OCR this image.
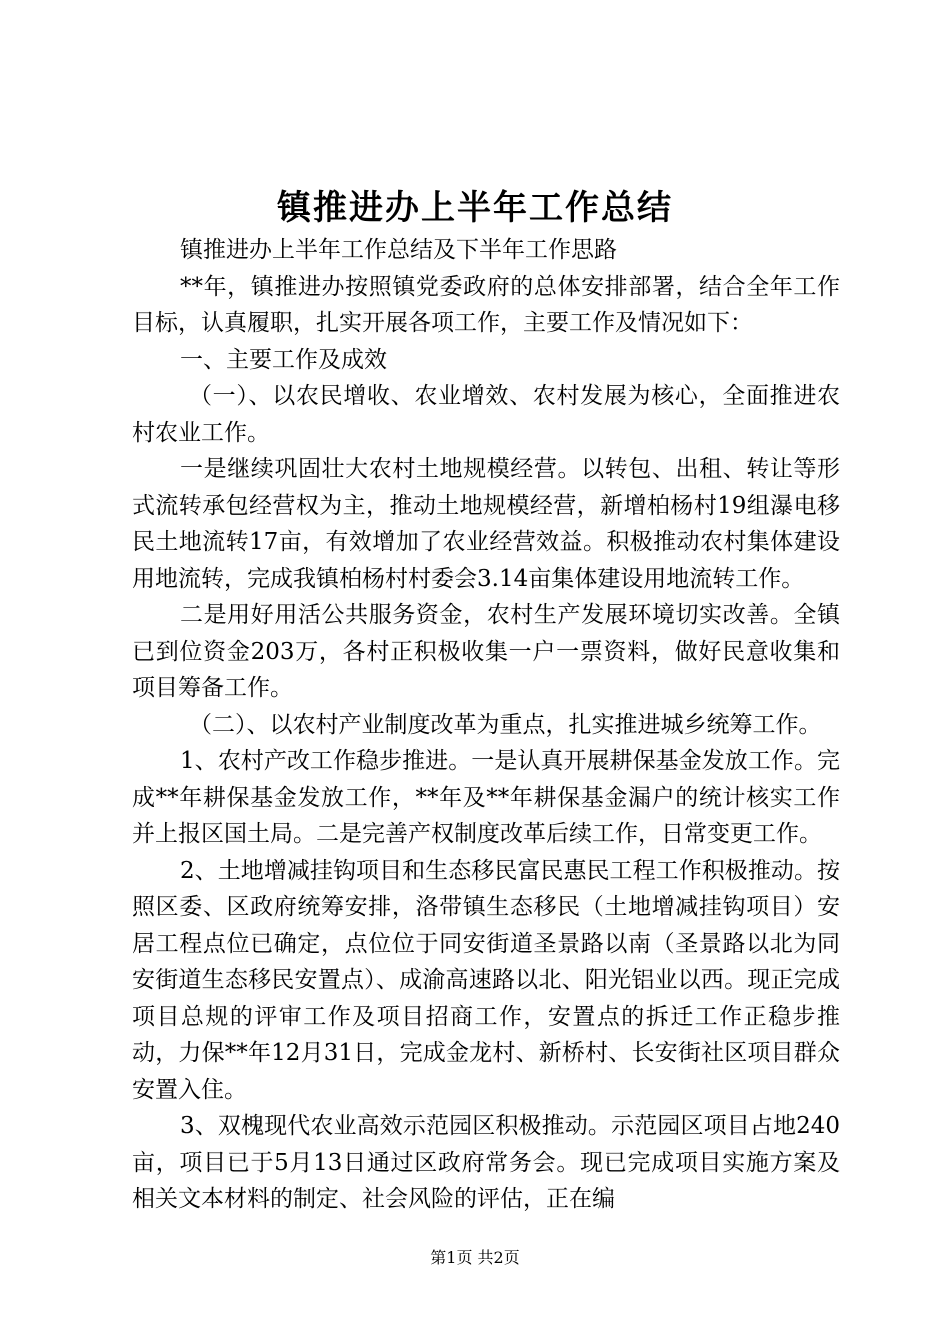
镇推进办上半年工作总结

镇推进办上半年工作总结及下半年工作思路

**年，镇推进办按照镇党委政府的总体安排部署，结合全年工作目标，认真履职，扎实开展各项工作，主要工作及情况如下：

一、主要工作及成效

（一）、以农民增收、农业增效、农村发展为核心，全面推进农村农业工作。

一是继续巩固壮大农村土地规模经营。以转包、出租、转让等形式流转承包经营权为主，推动土地规模经营，新增柏杨村19组瀑电移民土地流转17亩，有效增加了农业经营效益。积极推动农村集体建设用地流转，完成我镇柏杨村村委会3.14亩集体建设用地流转工作。

二是用好用活公共服务资金，农村生产发展环境切实改善。全镇已到位资金203万，各村正积极收集一户一票资料，做好民意收集和项目筹备工作。

（二）、以农村产业制度改革为重点，扎实推进城乡统筹工作。

1、农村产改工作稳步推进。一是认真开展耕保基金发放工作。完成**年耕保基金发放工作，**年及**年耕保基金漏户的统计核实工作并上报区国土局。二是完善产权制度改革后续工作，日常变更工作。

2、土地增减挂钩项目和生态移民富民惠民工程工作积极推动。按照区委、区政府统筹安排，洛带镇生态移民（土地增减挂钩项目）安居工程点位已确定，点位位于同安街道圣景路以南（圣景路以北为同安街道生态移民安置点）、成渝高速路以北、阳光铝业以西。现正完成项目总规的评审工作及项目招商工作，安置点的拆迁工作正稳步推动，力保**年12月31日，完成金龙村、新桥村、长安街社区项目群众安置入住。

3、双槐现代农业高效示范园区积极推动。示范园区项目占地240亩，项目已于5月13日通过区政府常务会。现已完成项目实施方案及相关文本材料的制定、社会风险的评估，正在编

第1页 共2页
